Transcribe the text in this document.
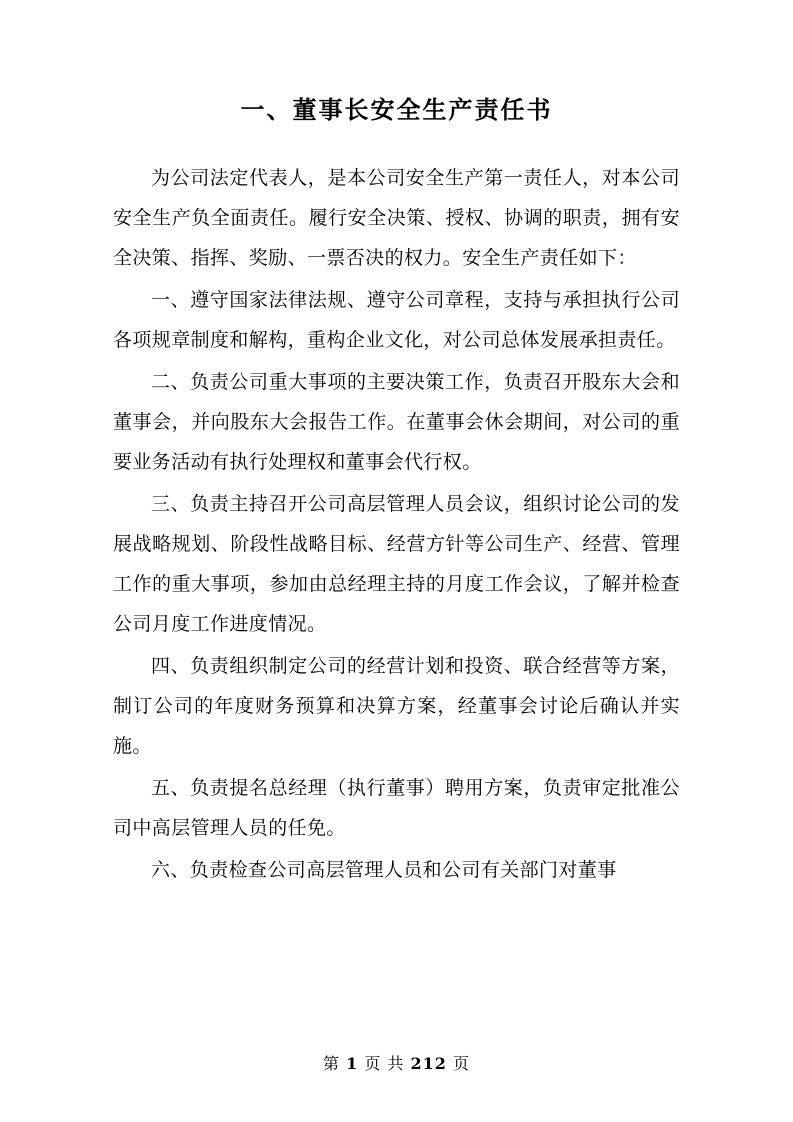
一、董事长安全生产责任书

为公司法定代表人，是本公司安全生产第一责任人，对本公司安全生产负全面责任。履行安全决策、授权、协调的职责，拥有安全决策、指挥、奖励、一票否决的权力。安全生产责任如下：

一、遵守国家法律法规、遵守公司章程，支持与承担执行公司各项规章制度和解构，重构企业文化，对公司总体发展承担责任。

二、负责公司重大事项的主要决策工作，负责召开股东大会和董事会，并向股东大会报告工作。在董事会休会期间，对公司的重要业务活动有执行处理权和董事会代行权。

三、负责主持召开公司高层管理人员会议，组织讨论公司的发展战略规划、阶段性战略目标、经营方针等公司生产、经营、管理工作的重大事项，参加由总经理主持的月度工作会议，了解并检查公司月度工作进度情况。

四、负责组织制定公司的经营计划和投资、联合经营等方案，制订公司的年度财务预算和决算方案，经董事会讨论后确认并实施。

五、负责提名总经理（执行董事）聘用方案，负责审定批准公司中高层管理人员的任免。

六、负责检查公司高层管理人员和公司有关部门对董事

第 1 页 共 212 页
